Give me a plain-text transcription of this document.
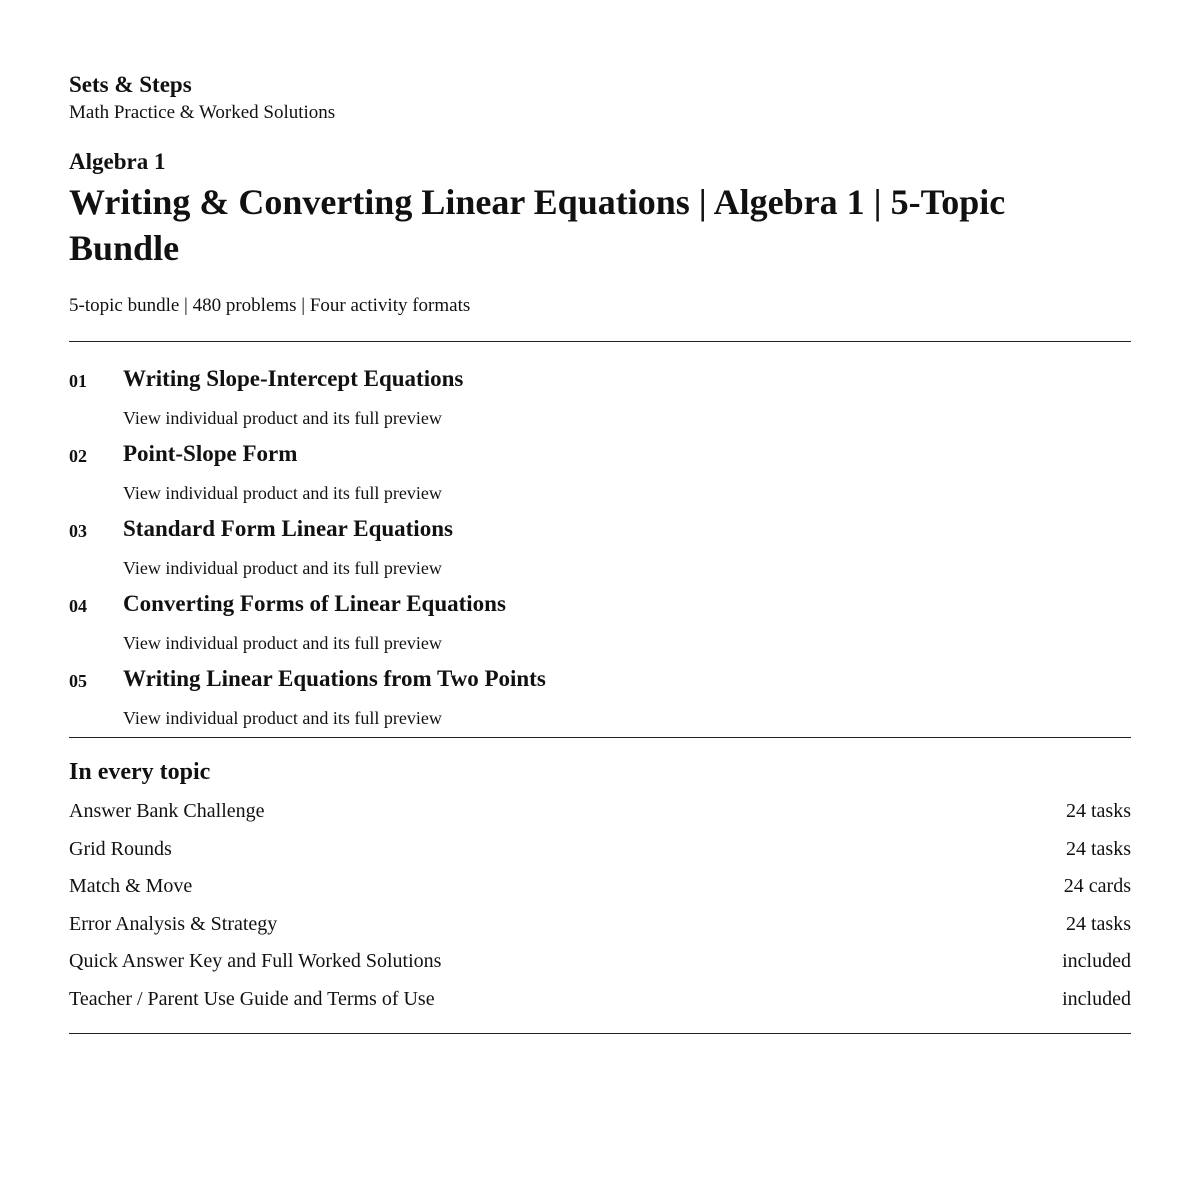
Sets & Steps

Math Practice & Worked Solutions

Algebra 1

Writing & Converting Linear Equations | Algebra 1 | 5-Topic Bundle

5-topic bundle | 480 problems | Four activity formats

01 Writing Slope-Intercept Equations
View individual product and its full preview
02 Point-Slope Form
View individual product and its full preview
03 Standard Form Linear Equations
View individual product and its full preview
04 Converting Forms of Linear Equations
View individual product and its full preview
05 Writing Linear Equations from Two Points
View individual product and its full preview
In every topic
Answer Bank Challenge	24 tasks
Grid Rounds	24 tasks
Match & Move	24 cards
Error Analysis & Strategy	24 tasks
Quick Answer Key and Full Worked Solutions	included
Teacher / Parent Use Guide and Terms of Use	included
